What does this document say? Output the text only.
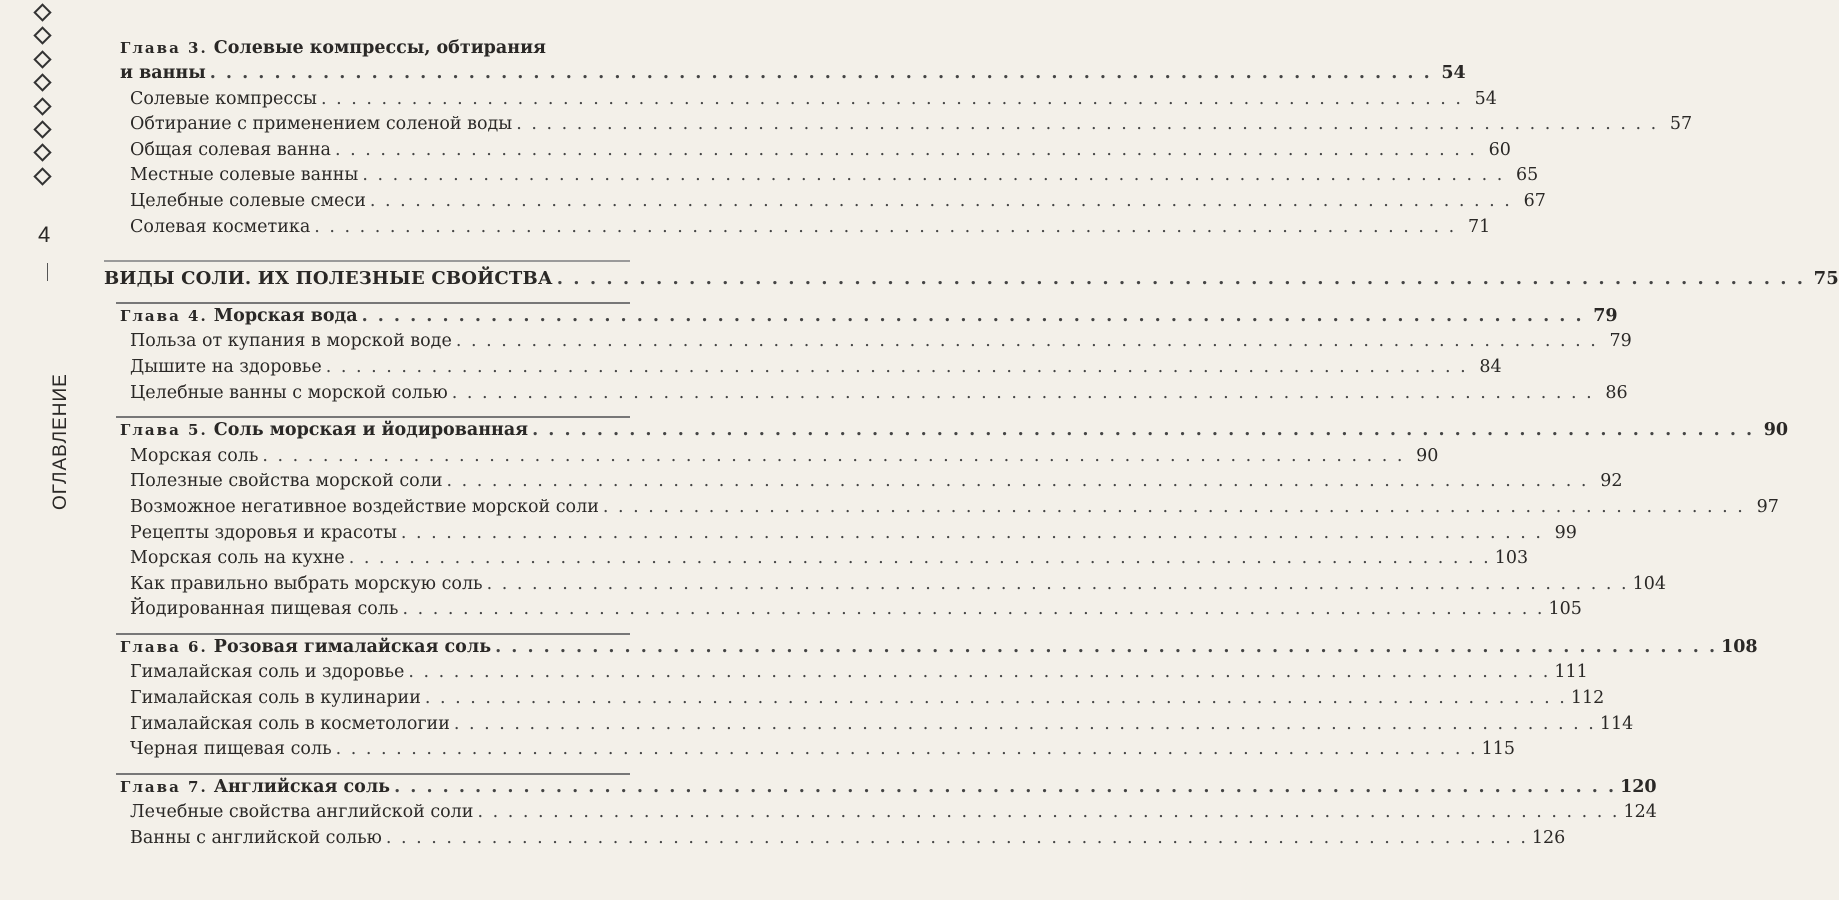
4
ОГЛАВЛЕНИЕ
Глава 3. Солевые компрессы, обтирания
и ванны . . .	54
Солевые компрессы . . .	54
Обтирание с применением соленой воды . . .	57
Общая солевая ванна . . .	60
Местные солевые ванны . . .	65
Целебные солевые смеси . . .	67
Солевая косметика . . .	71
ВИДЫ СОЛИ. ИХ ПОЛЕЗНЫЕ СВОЙСТВА . . .	75
Глава 4. Морская вода . . .	79
Польза от купания в морской воде . . .	79
Дышите на здоровье . . .	84
Целебные ванны с морской солью . . .	86
Глава 5. Соль морская и йодированная . . .	90
Морская соль . . .	90
Полезные свойства морской соли . . .	92
Возможное негативное воздействие морской соли . . .	97
Рецепты здоровья и красоты . . .	99
Морская соль на кухне . . .	103
Как правильно выбрать морскую соль . . .	104
Йодированная пищевая соль . . .	105
Глава 6. Розовая гималайская соль . . .	108
Гималайская соль и здоровье . . .	111
Гималайская соль в кулинарии . . .	112
Гималайская соль в косметологии . . .	114
Черная пищевая соль . . .	115
Глава 7. Английская соль . . .	120
Лечебные свойства английской соли . . .	124
Ванны с английской солью . . .	126
